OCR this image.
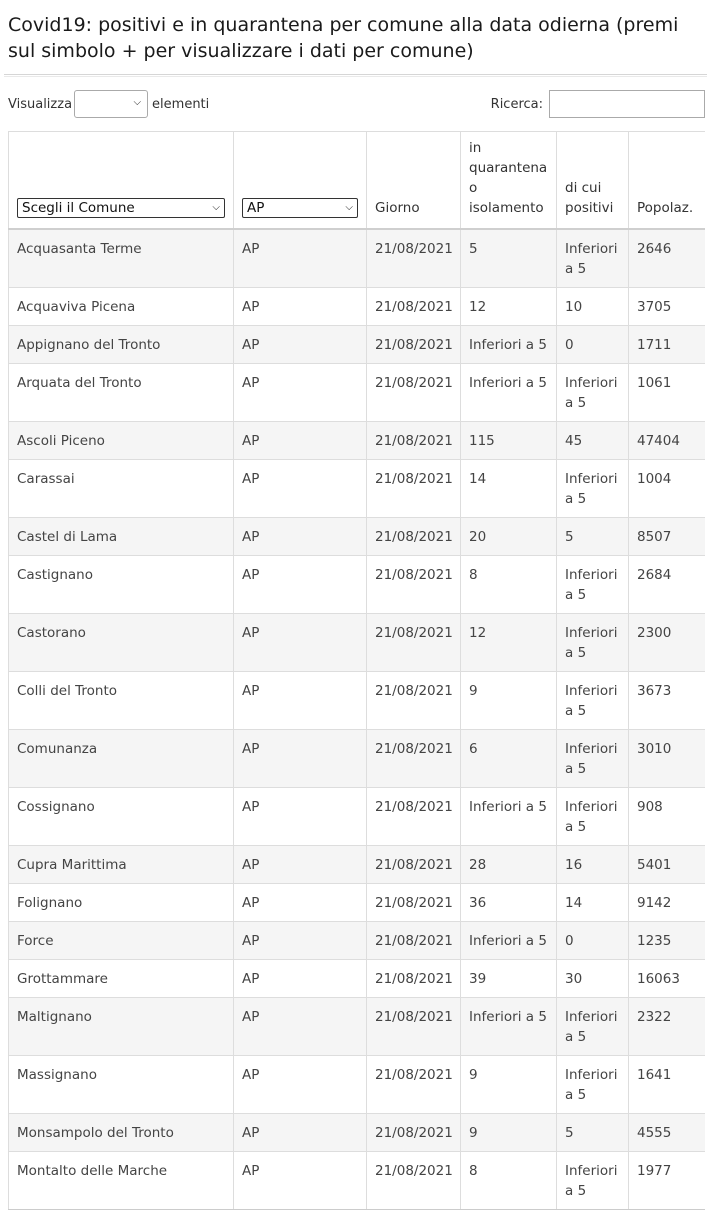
Covid19: positivi e in quarantena per comune alla data odierna (premi sul simbolo + per visualizzare i dati per comune)
Visualizza	⌵ elementi	Ricerca:
Scegli il Comune ⌵	AP ⌵	Giorno	in quarantena o isolamento	di cui positivi	Popolaz.
Acquasanta Terme	AP	21/08/2021	5	Inferiori a 5	2646
Acquaviva Picena	AP	21/08/2021	12	10	3705
Appignano del Tronto	AP	21/08/2021	Inferiori a 5	0	1711
Arquata del Tronto	AP	21/08/2021	Inferiori a 5	Inferiori a 5	1061
Ascoli Piceno	AP	21/08/2021	115	45	47404
Carassai	AP	21/08/2021	14	Inferiori a 5	1004
Castel di Lama	AP	21/08/2021	20	5	8507
Castignano	AP	21/08/2021	8	Inferiori a 5	2684
Castorano	AP	21/08/2021	12	Inferiori a 5	2300
Colli del Tronto	AP	21/08/2021	9	Inferiori a 5	3673
Comunanza	AP	21/08/2021	6	Inferiori a 5	3010
Cossignano	AP	21/08/2021	Inferiori a 5	Inferiori a 5	908
Cupra Marittima	AP	21/08/2021	28	16	5401
Folignano	AP	21/08/2021	36	14	9142
Force	AP	21/08/2021	Inferiori a 5	0	1235
Grottammare	AP	21/08/2021	39	30	16063
Maltignano	AP	21/08/2021	Inferiori a 5	Inferiori a 5	2322
Massignano	AP	21/08/2021	9	Inferiori a 5	1641
Monsampolo del Tronto	AP	21/08/2021	9	5	4555
Montalto delle Marche	AP	21/08/2021	8	Inferiori a 5	1977
